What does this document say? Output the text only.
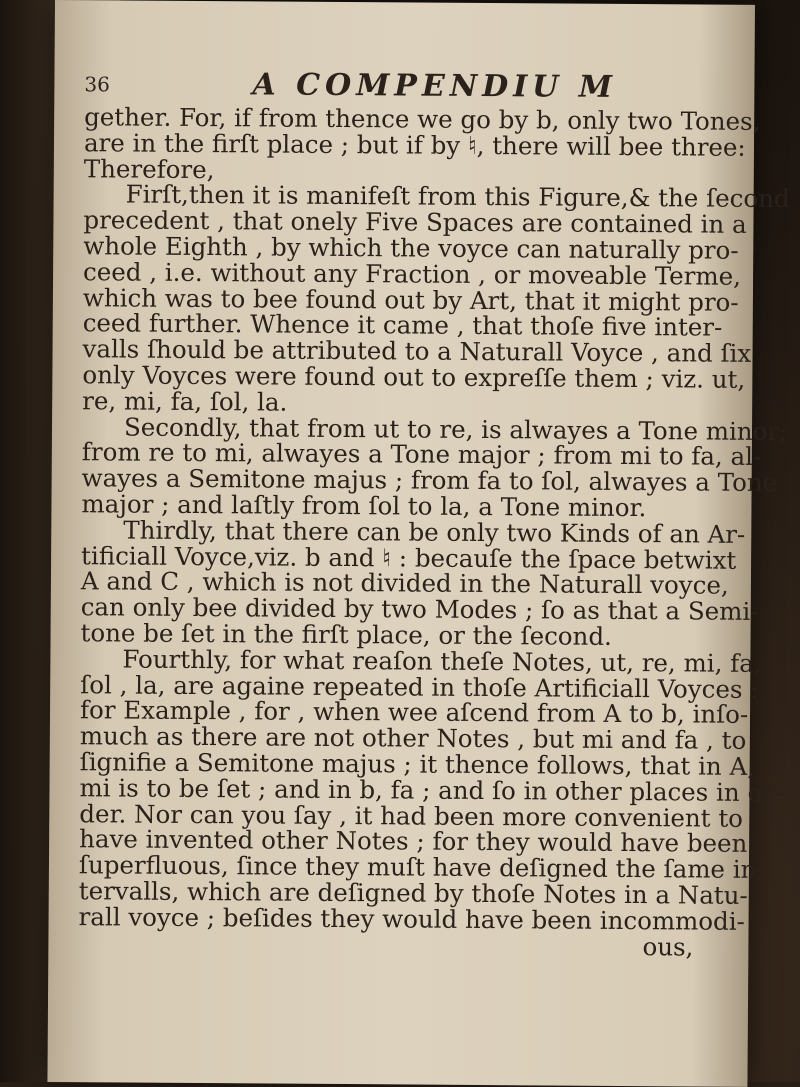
36	A COMPENDIU M
gether. For, if from thence we go by b, only two Tones,
are in the firſt place ; but if by ♮, there will bee three:
Therefore,
Firſt,then it is manifeſt from this Figure,& the ſecond
precedent , that onely Five Spaces are contained in a
whole Eighth , by which the voyce can naturally pro-
ceed , i.e. without any Fraction , or moveable Terme,
which was to bee found out by Art, that it might pro-
ceed further. Whence it came , that thoſe five inter-
valls ſhould be attributed to a Naturall Voyce , and ſix
only Voyces were found out to expreſſe them ; viz. ut,
re, mi, fa, ſol, la.
Secondly, that from ut to re, is alwayes a Tone minor;
from re to mi, alwayes a Tone major ; from mi to fa, al-
wayes a Semitone majus ; from fa to ſol, alwayes a Tone
major ; and laſtly from ſol to la, a Tone minor.
Thirdly, that there can be only two Kinds of an Ar-
tificiall Voyce,viz. b and ♮ : becauſe the ſpace betwixt
A and C , which is not divided in the Naturall voyce,
can only bee divided by two Modes ; ſo as that a Semi-
tone be ſet in the firſt place, or the ſecond.
Fourthly, for what reaſon theſe Notes, ut, re, mi, fa,
ſol , la, are againe repeated in thoſe Artificiall Voyces :
for Example , for , when wee aſcend from A to b, inſo-
much as there are not other Notes , but mi and fa , to
ſignifie a Semitone majus ; it thence follows, that in A,
mi is to be ſet ; and in b, fa ; and ſo in other places in or-
der. Nor can you ſay , it had been more convenient to
have invented other Notes ; for they would have been
ſuperfluous, ſince they muſt have deſigned the ſame in-
tervalls, which are deſigned by thoſe Notes in a Natu-
rall voyce ; beſides they would have been incommodi-
ous,
